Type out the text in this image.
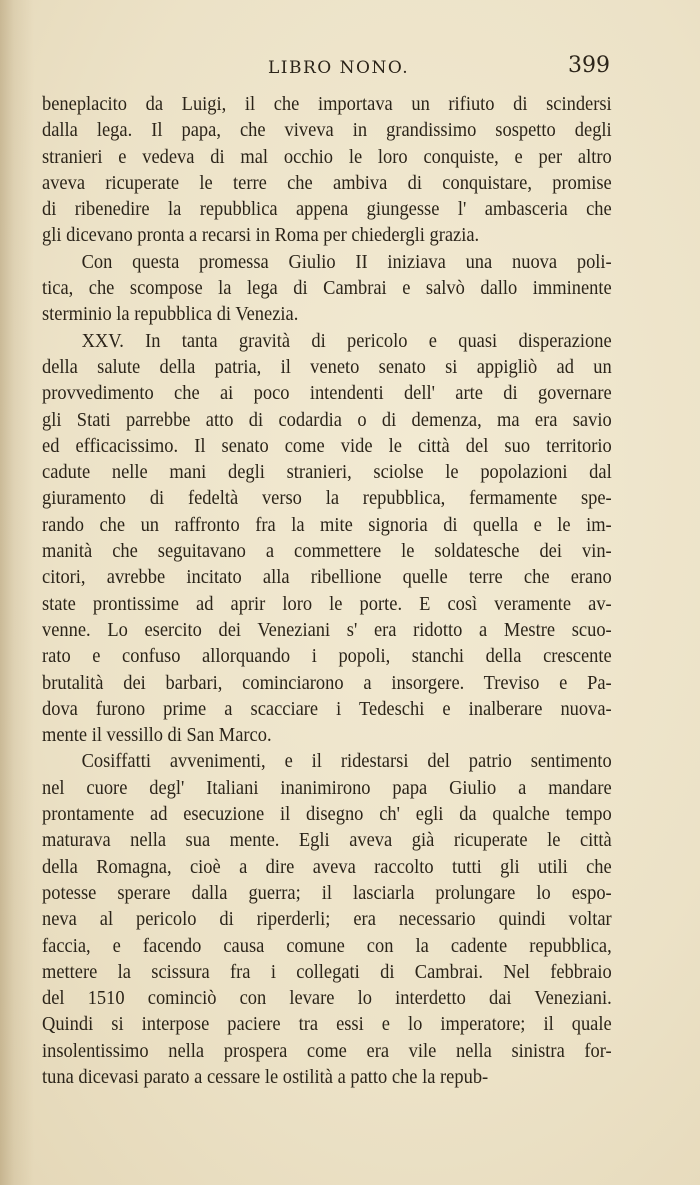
LIBRO NONO.	399
beneplacito da Luigi, il che importava un rifiuto di scindersi
dalla lega. Il papa, che viveva in grandissimo sospetto degli
stranieri e vedeva di mal occhio le loro conquiste, e per altro
aveva ricuperate le terre che ambiva di conquistare, promise
di ribenedire la repubblica appena giungesse l' ambasceria che
gli dicevano pronta a recarsi in Roma per chiedergli grazia.
Con questa promessa Giulio II iniziava una nuova poli-
tica, che scompose la lega di Cambrai e salvò dallo imminente
sterminio la repubblica di Venezia.
XXV. In tanta gravità di pericolo e quasi disperazione
della salute della patria, il veneto senato si appigliò ad un
provvedimento che ai poco intendenti dell' arte di governare
gli Stati parrebbe atto di codardia o di demenza, ma era savio
ed efficacissimo. Il senato come vide le città del suo territorio
cadute nelle mani degli stranieri, sciolse le popolazioni dal
giuramento di fedeltà verso la repubblica, fermamente spe-
rando che un raffronto fra la mite signoria di quella e le im-
manità che seguitavano a commettere le soldatesche dei vin-
citori, avrebbe incitato alla ribellione quelle terre che erano
state prontissime ad aprir loro le porte. E così veramente av-
venne. Lo esercito dei Veneziani s' era ridotto a Mestre scuo-
rato e confuso allorquando i popoli, stanchi della crescente
brutalità dei barbari, cominciarono a insorgere. Treviso e Pa-
dova furono prime a scacciare i Tedeschi e inalberare nuova-
mente il vessillo di San Marco.
Cosiffatti avvenimenti, e il ridestarsi del patrio sentimento
nel cuore degl' Italiani inanimirono papa Giulio a mandare
prontamente ad esecuzione il disegno ch' egli da qualche tempo
maturava nella sua mente. Egli aveva già ricuperate le città
della Romagna, cioè a dire aveva raccolto tutti gli utili che
potesse sperare dalla guerra; il lasciarla prolungare lo espo-
neva al pericolo di riperderli; era necessario quindi voltar
faccia, e facendo causa comune con la cadente repubblica,
mettere la scissura fra i collegati di Cambrai. Nel febbraio
del 1510 cominciò con levare lo interdetto dai Veneziani.
Quindi si interpose paciere tra essi e lo imperatore; il quale
insolentissimo nella prospera come era vile nella sinistra for-
tuna dicevasi parato a cessare le ostilità a patto che la repub-
